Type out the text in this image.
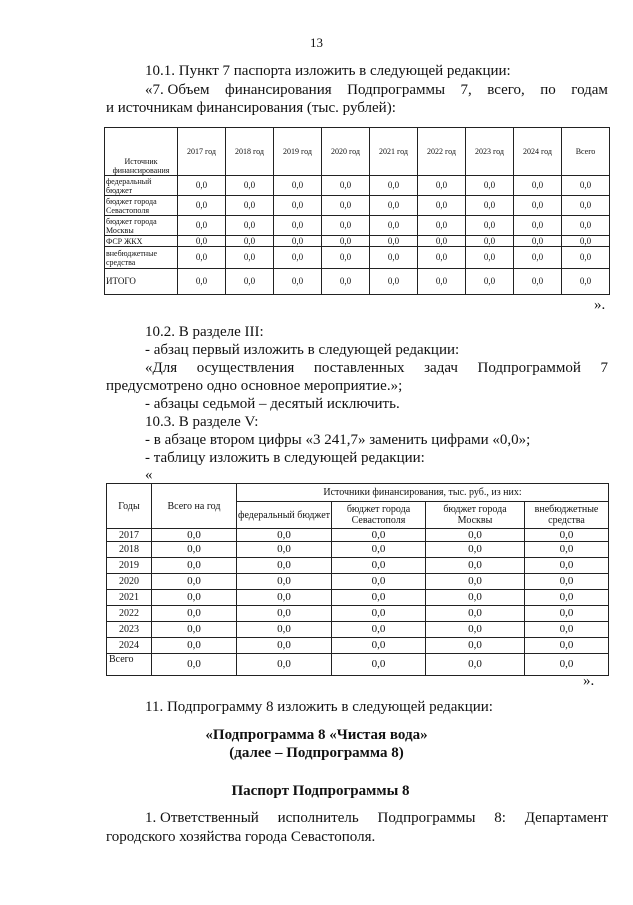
13
10.1. Пункт 7 паспорта изложить в следующей редакции:
«7. Объем финансирования Подпрограммы 7, всего, по годам
и источникам финансирования (тыс. рублей):
Источник финансирования	2017 год	2018 год	2019 год	2020 год	2021 год	2022 год	2023 год	2024 год	Всего
федеральный бюджет	0,0	0,0	0,0	0,0	0,0	0,0	0,0	0,0	0,0
бюджет города Севастополя	0,0	0,0	0,0	0,0	0,0	0,0	0,0	0,0	0,0
бюджет города Москвы	0,0	0,0	0,0	0,0	0,0	0,0	0,0	0,0	0,0
ФСР ЖКХ	0,0	0,0	0,0	0,0	0,0	0,0	0,0	0,0	0,0
внебюджетные средства	0,0	0,0	0,0	0,0	0,0	0,0	0,0	0,0	0,0
ИТОГО	0,0	0,0	0,0	0,0	0,0	0,0	0,0	0,0	0,0
».
10.2. В разделе III:
- абзац первый изложить в следующей редакции:
«Для осуществления поставленных задач Подпрограммой 7
предусмотрено одно основное мероприятие.»;
- абзацы седьмой – десятый исключить.
10.3. В разделе V:
- в абзаце втором цифры «3 241,7» заменить цифрами «0,0»;
- таблицу изложить в следующей редакции:
«
Годы	Всего на год	Источники финансирования, тыс. руб., из них:			
		федеральный бюджет	бюджет города Севастополя	бюджет города Москвы	внебюджетные средства
2017	0,0	0,0	0,0	0,0	0,0
2018	0,0	0,0	0,0	0,0	0,0
2019	0,0	0,0	0,0	0,0	0,0
2020	0,0	0,0	0,0	0,0	0,0
2021	0,0	0,0	0,0	0,0	0,0
2022	0,0	0,0	0,0	0,0	0,0
2023	0,0	0,0	0,0	0,0	0,0
2024	0,0	0,0	0,0	0,0	0,0
Всего	0,0	0,0	0,0	0,0	0,0
».
11. Подпрограмму 8 изложить в следующей редакции:
«Подпрограмма 8 «Чистая вода»
(далее – Подпрограмма 8)
Паспорт Подпрограммы 8
1. Ответственный исполнитель Подпрограммы 8: Департамент
городского хозяйства города Севастополя.
